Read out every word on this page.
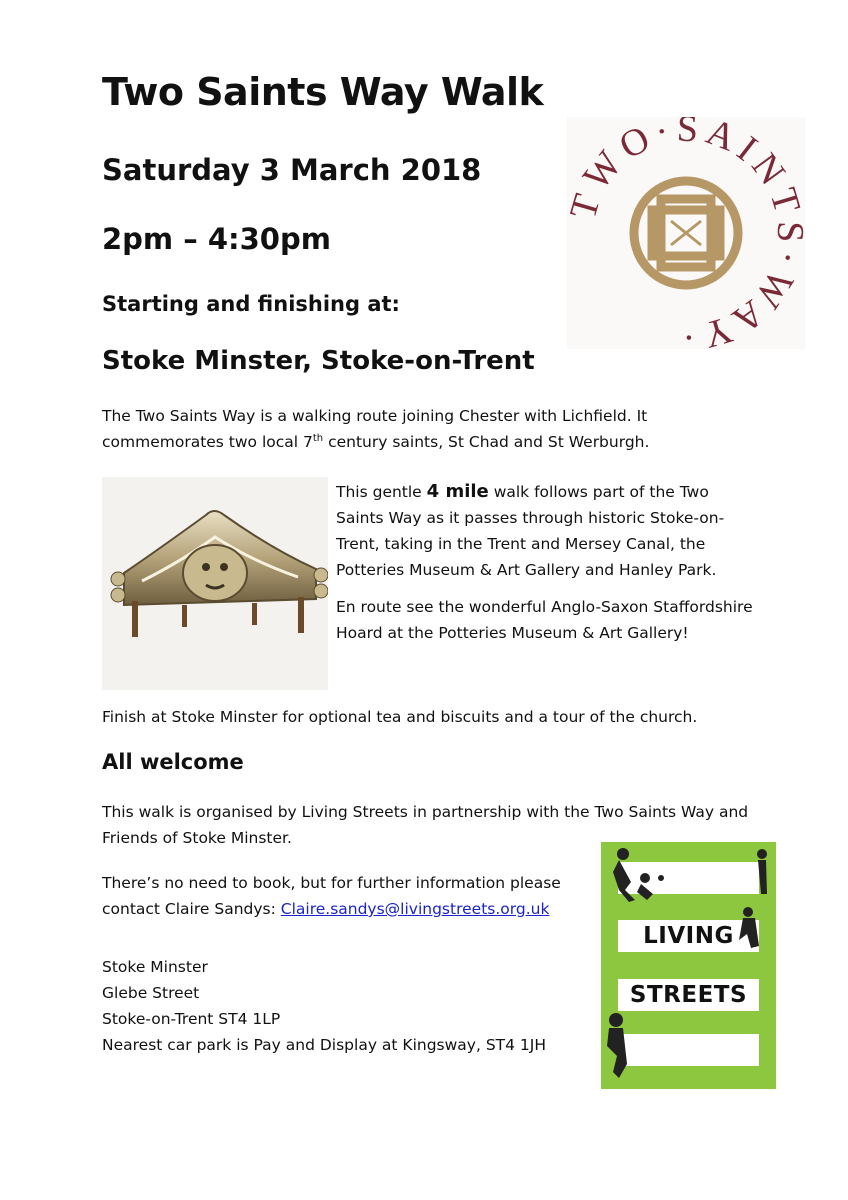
Two Saints Way Walk
Saturday 3 March 2018
2pm – 4:30pm
Starting and finishing at:
Stoke Minster, Stoke-on-Trent
WO·SAIN ·WAY·
The Two Saints Way is a walking route joining Chester with Lichfield. It
commemorates two local 7th century saints, St Chad and St Werburgh.

This gentle 4 mile walk follows part of the Two Saints Way as it passes through historic Stoke-on-Trent, taking in the Trent and Mersey Canal, the Potteries Museum & Art Gallery and Hanley Park.

En route see the wonderful Anglo-Saxon Staffordshire Hoard at the Potteries Museum & Art Gallery!

Finish at Stoke Minster for optional tea and biscuits and a tour of the church.
All welcome
This walk is organised by Living Streets in partnership with the Two Saints Way and Friends of Stoke Minster.
There’s no need to book, but for further information please contact Claire Sandys: Claire.sandys@livingstreets.org.uk
Stoke Minster
Glebe Street
Stoke-on-Trent ST4 1LP
Nearest car park is Pay and Display at Kingsway, ST4 1JH
LIVING
STREETS
